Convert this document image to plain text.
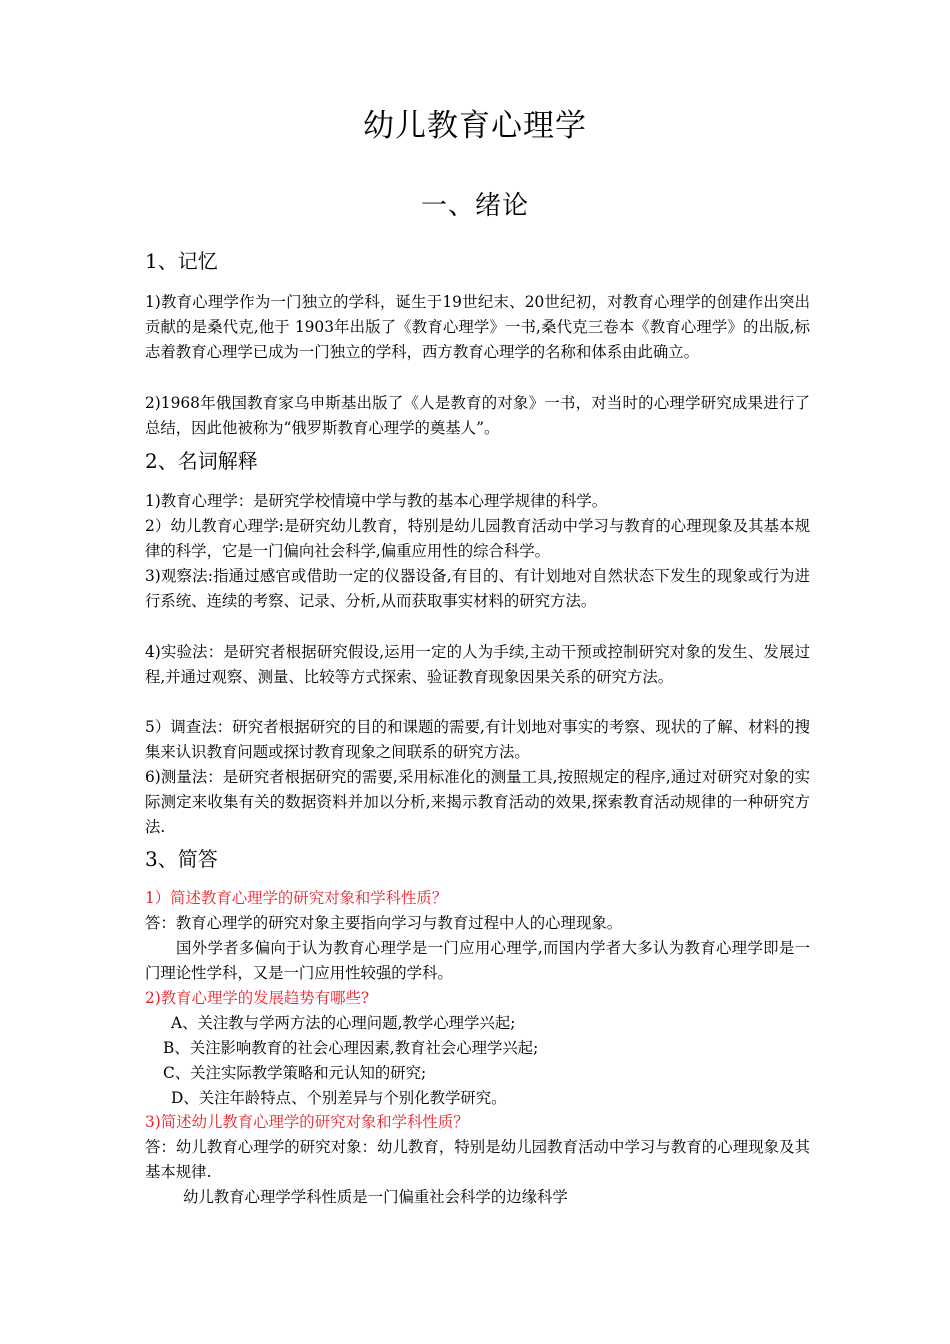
幼儿教育心理学
一、绪论
1、记忆

1)教育心理学作为一门独立的学科，诞生于19世纪末、20世纪初，对教育心理学的创建作出突出贡献的是桑代克,他于 1903年出版了《教育心理学》一书,桑代克三卷本《教育心理学》的出版,标志着教育心理学已成为一门独立的学科，西方教育心理学的名称和体系由此确立。

2)1968年俄国教育家乌申斯基出版了《人是教育的对象》一书，对当时的心理学研究成果进行了总结，因此他被称为“俄罗斯教育心理学的奠基人”。

2、名词解释

1)教育心理学：是研究学校情境中学与教的基本心理学规律的科学。

2）幼儿教育心理学:是研究幼儿教育，特别是幼儿园教育活动中学习与教育的心理现象及其基本规律的科学，它是一门偏向社会科学,偏重应用性的综合科学。

3)观察法:指通过感官或借助一定的仪器设备,有目的、有计划地对自然状态下发生的现象或行为进行系统、连续的考察、记录、分析,从而获取事实材料的研究方法。

4)实验法：是研究者根据研究假设,运用一定的人为手续,主动干预或控制研究对象的发生、发展过程,并通过观察、测量、比较等方式探索、验证教育现象因果关系的研究方法。

5）调查法：研究者根据研究的目的和课题的需要,有计划地对事实的考察、现状的了解、材料的搜集来认识教育问题或探讨教育现象之间联系的研究方法。

6)测量法：是研究者根据研究的需要,采用标准化的测量工具,按照规定的程序,通过对研究对象的实际测定来收集有关的数据资料并加以分析,来揭示教育活动的效果,探索教育活动规律的一种研究方法.

3、简答

1）简述教育心理学的研究对象和学科性质？

答：教育心理学的研究对象主要指向学习与教育过程中人的心理现象。

国外学者多偏向于认为教育心理学是一门应用心理学,而国内学者大多认为教育心理学即是一门理论性学科，又是一门应用性较强的学科。

2)教育心理学的发展趋势有哪些?

A、关注教与学两方法的心理问题,教学心理学兴起;

B、关注影响教育的社会心理因素,教育社会心理学兴起;

C、关注实际教学策略和元认知的研究;

D、关注年龄特点、个别差异与个别化教学研究。

3)简述幼儿教育心理学的研究对象和学科性质？

答：幼儿教育心理学的研究对象：幼儿教育，特别是幼儿园教育活动中学习与教育的心理现象及其基本规律.

幼儿教育心理学学科性质是一门偏重社会科学的边缘科学
